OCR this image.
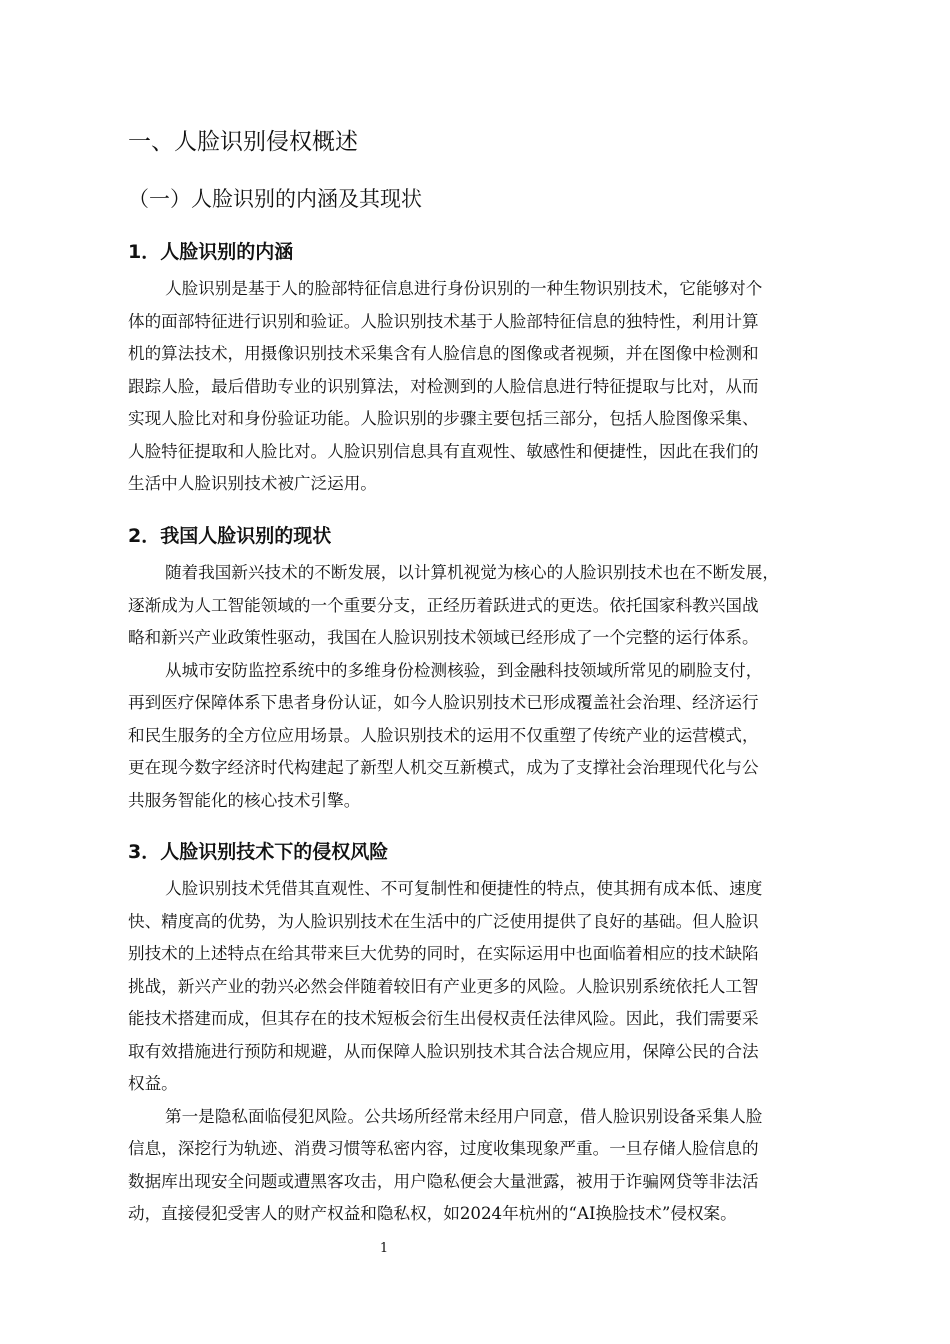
一、人脸识别侵权概述
（一）人脸识别的内涵及其现状
1．人脸识别的内涵
人脸识别是基于人的脸部特征信息进行身份识别的一种生物识别技术，它能够对个
体的面部特征进行识别和验证。人脸识别技术基于人脸部特征信息的独特性，利用计算
机的算法技术，用摄像识别技术采集含有人脸信息的图像或者视频，并在图像中检测和
跟踪人脸，最后借助专业的识别算法，对检测到的人脸信息进行特征提取与比对，从而
实现人脸比对和身份验证功能。人脸识别的步骤主要包括三部分，包括人脸图像采集、
人脸特征提取和人脸比对。人脸识别信息具有直观性、敏感性和便捷性，因此在我们的
生活中人脸识别技术被广泛运用。
2．我国人脸识别的现状
随着我国新兴技术的不断发展，以计算机视觉为核心的人脸识别技术也在不断发展，
逐渐成为人工智能领域的一个重要分支，正经历着跃进式的更迭。依托国家科教兴国战
略和新兴产业政策性驱动，我国在人脸识别技术领域已经形成了一个完整的运行体系。
从城市安防监控系统中的多维身份检测核验，到金融科技领域所常见的刷脸支付，
再到医疗保障体系下患者身份认证，如今人脸识别技术已形成覆盖社会治理、经济运行
和民生服务的全方位应用场景。人脸识别技术的运用不仅重塑了传统产业的运营模式，
更在现今数字经济时代构建起了新型人机交互新模式，成为了支撑社会治理现代化与公
共服务智能化的核心技术引擎。
3．人脸识别技术下的侵权风险
人脸识别技术凭借其直观性、不可复制性和便捷性的特点，使其拥有成本低、速度
快、精度高的优势，为人脸识别技术在生活中的广泛使用提供了良好的基础。但人脸识
别技术的上述特点在给其带来巨大优势的同时，在实际运用中也面临着相应的技术缺陷
挑战，新兴产业的勃兴必然会伴随着较旧有产业更多的风险。人脸识别系统依托人工智
能技术搭建而成，但其存在的技术短板会衍生出侵权责任法律风险。因此，我们需要采
取有效措施进行预防和规避，从而保障人脸识别技术其合法合规应用，保障公民的合法
权益。
第一是隐私面临侵犯风险。公共场所经常未经用户同意，借人脸识别设备采集人脸
信息，深挖行为轨迹、消费习惯等私密内容，过度收集现象严重。一旦存储人脸信息的
数据库出现安全问题或遭黑客攻击，用户隐私便会大量泄露，被用于诈骗网贷等非法活
动，直接侵犯受害人的财产权益和隐私权，如2024年杭州的“AI换脸技术”侵权案。
1
